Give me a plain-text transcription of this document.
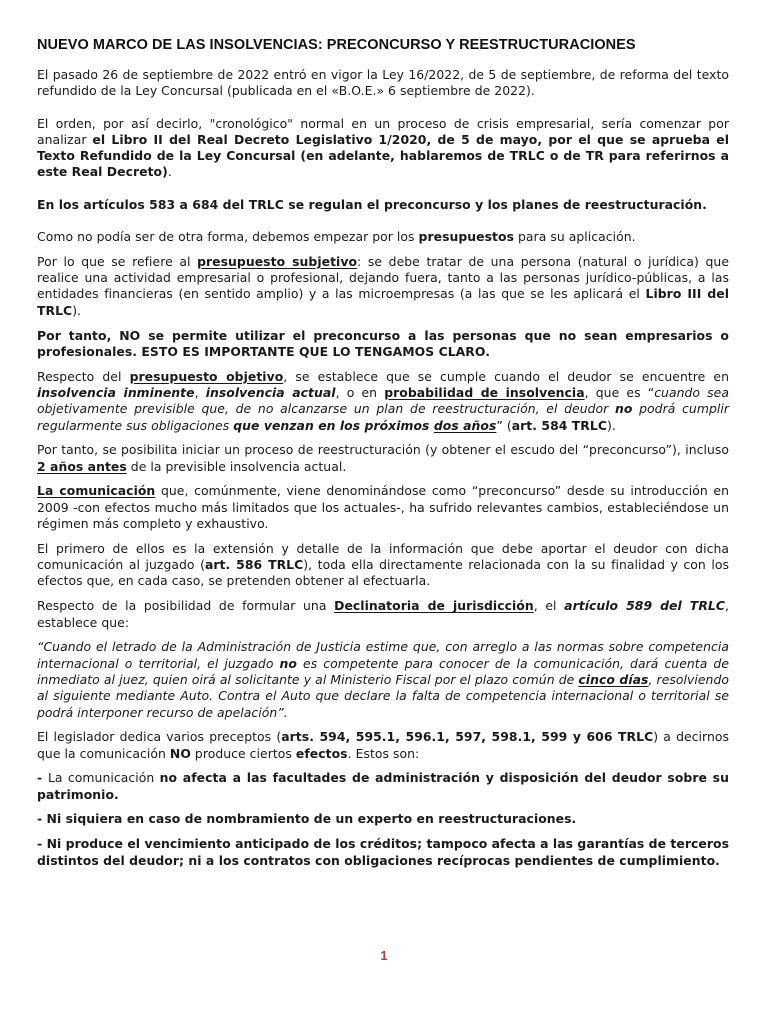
NUEVO MARCO DE LAS INSOLVENCIAS: PRECONCURSO Y REESTRUCTURACIONES

El pasado 26 de septiembre de 2022 entró en vigor la Ley 16/2022, de 5 de septiembre, de reforma del texto refundido de la Ley Concursal (publicada en el «B.O.E.» 6 septiembre de 2022).

El orden, por así decirlo, "cronológico" normal en un proceso de crisis empresarial, sería comenzar por analizar el Libro II del Real Decreto Legislativo 1/2020, de 5 de mayo, por el que se aprueba el Texto Refundido de la Ley Concursal (en adelante, hablaremos de TRLC o de TR para referirnos a este Real Decreto).

En los artículos 583 a 684 del TRLC se regulan el preconcurso y los planes de reestructuración.

Como no podía ser de otra forma, debemos empezar por los presupuestos para su aplicación.

Por lo que se refiere al presupuesto subjetivo: se debe tratar de una persona (natural o jurídica) que realice una actividad empresarial o profesional, dejando fuera, tanto a las personas jurídico-públicas, a las entidades financieras (en sentido amplio) y a las microempresas (a las que se les aplicará el Libro III del TRLC).

Por tanto, NO se permite utilizar el preconcurso a las personas que no sean empresarios o profesionales. ESTO ES IMPORTANTE QUE LO TENGAMOS CLARO.

Respecto del presupuesto objetivo, se establece que se cumple cuando el deudor se encuentre en insolvencia inminente, insolvencia actual, o en probabilidad de insolvencia, que es “cuando sea objetivamente previsible que, de no alcanzarse un plan de reestructuración, el deudor no podrá cumplir regularmente sus obligaciones que venzan en los próximos dos años” (art. 584 TRLC).

Por tanto, se posibilita iniciar un proceso de reestructuración (y obtener el escudo del “preconcurso”), incluso 2 años antes de la previsible insolvencia actual.

La comunicación que, comúnmente, viene denominándose como “preconcurso” desde su introducción en 2009 -con efectos mucho más limitados que los actuales-, ha sufrido relevantes cambios, estableciéndose un régimen más completo y exhaustivo.

El primero de ellos es la extensión y detalle de la información que debe aportar el deudor con dicha comunicación al juzgado (art. 586 TRLC), toda ella directamente relacionada con la su finalidad y con los efectos que, en cada caso, se pretenden obtener al efectuarla.

Respecto de la posibilidad de formular una Declinatoria de jurisdicción, el artículo 589 del TRLC, establece que:

“Cuando el letrado de la Administración de Justicia estime que, con arreglo a las normas sobre competencia internacional o territorial, el juzgado no es competente para conocer de la comunicación, dará cuenta de inmediato al juez, quien oirá al solicitante y al Ministerio Fiscal por el plazo común de cinco días, resolviendo al siguiente mediante Auto. Contra el Auto que declare la falta de competencia internacional o territorial se podrá interponer recurso de apelación”.

El legislador dedica varios preceptos (arts. 594, 595.1, 596.1, 597, 598.1, 599 y 606 TRLC) a decirnos que la comunicación NO produce ciertos efectos. Estos son:

- La comunicación no afecta a las facultades de administración y disposición del deudor sobre su patrimonio.

- Ni siquiera en caso de nombramiento de un experto en reestructuraciones.

- Ni produce el vencimiento anticipado de los créditos; tampoco afecta a las garantías de terceros distintos del deudor; ni a los contratos con obligaciones recíprocas pendientes de cumplimiento.

1
